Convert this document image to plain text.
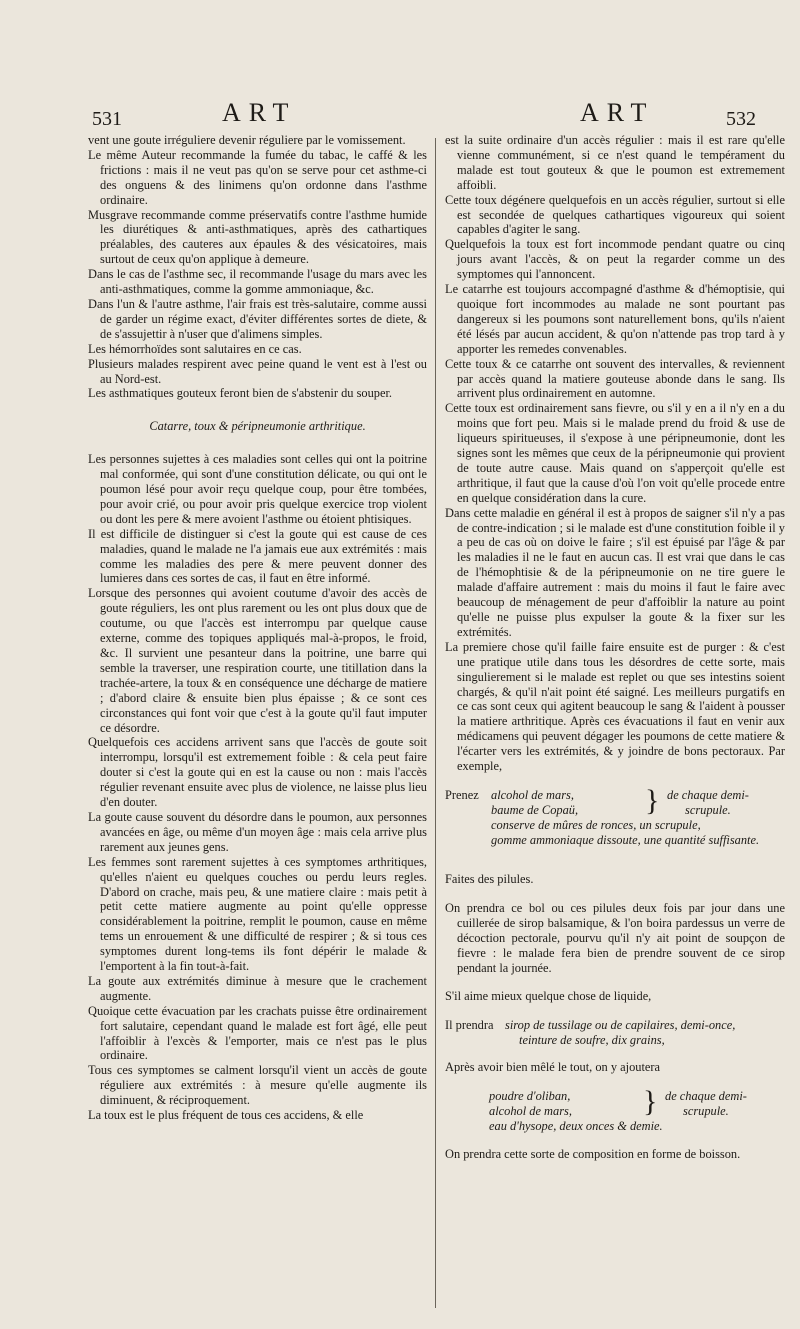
531	ART	ART	532

vent une goute irréguliere devenir réguliere par le vomissement.

Le même Auteur recommande la fumée du tabac, le caffé & les frictions : mais il ne veut pas qu'on se serve pour cet asthme-ci des onguens & des linimens qu'on ordonne dans l'asthme ordinaire.

Musgrave recommande comme préservatifs contre l'asthme humide les diurétiques & anti-asthmatiques, après des cathartiques préalables, des cauteres aux épaules & des vésicatoires, mais surtout de ceux qu'on applique à demeure.

Dans le cas de l'asthme sec, il recommande l'usage du mars avec les anti-asthmatiques, comme la gomme ammoniaque, &c.

Dans l'un & l'autre asthme, l'air frais est très-salutaire, comme aussi de garder un régime exact, d'éviter différentes sortes de diete, & de s'assujettir à n'user que d'alimens simples.

Les hémorrhoïdes sont salutaires en ce cas.

Plusieurs malades respirent avec peine quand le vent est à l'est ou au Nord-est.

Les asthmatiques gouteux feront bien de s'abstenir du souper.

Catarre, toux & péripneumonie arthritique.

Les personnes sujettes à ces maladies sont celles qui ont la poitrine mal conformée, qui sont d'une constitution délicate, ou qui ont le poumon lésé pour avoir reçu quelque coup, pour être tombées, pour avoir crié, ou pour avoir pris quelque exercice trop violent ou dont les pere & mere avoient l'asthme ou étoient phtisiques.

Il est difficile de distinguer si c'est la goute qui est cause de ces maladies, quand le malade ne l'a jamais eue aux extrémités : mais comme les maladies des pere & mere peuvent donner des lumieres dans ces sortes de cas, il faut en être informé.

Lorsque des personnes qui avoient coutume d'avoir des accès de goute réguliers, les ont plus rarement ou les ont plus doux que de coutume, ou que l'accès est interrompu par quelque cause externe, comme des topiques appliqués mal-à-propos, le froid, &c. Il survient une pesanteur dans la poitrine, une barre qui semble la traverser, une respiration courte, une titillation dans la trachée-artere, la toux & en conséquence une décharge de matiere ; d'abord claire & ensuite bien plus épaisse ; & ce sont ces circonstances qui font voir que c'est à la goute qu'il faut imputer ce désordre.

Quelquefois ces accidens arrivent sans que l'accès de goute soit interrompu, lorsqu'il est extremement foible : & cela peut faire douter si c'est la goute qui en est la cause ou non : mais l'accès régulier revenant ensuite avec plus de violence, ne laisse plus lieu d'en douter.

La goute cause souvent du désordre dans le poumon, aux personnes avancées en âge, ou même d'un moyen âge : mais cela arrive plus rarement aux jeunes gens.

Les femmes sont rarement sujettes à ces symptomes arthritiques, qu'elles n'aient eu quelques couches ou perdu leurs regles. D'abord on crache, mais peu, & une matiere claire : mais petit à petit cette matiere augmente au point qu'elle oppresse considérablement la poitrine, remplit le poumon, cause en même tems un enrouement & une difficulté de respirer ; & si tous ces symptomes durent long-tems ils font dépérir le malade & l'emportent à la fin tout-à-fait.

La goute aux extrémités diminue à mesure que le crachement augmente.

Quoique cette évacuation par les crachats puisse être ordinairement fort salutaire, cependant quand le malade est fort âgé, elle peut l'affoiblir à l'excès & l'emporter, mais ce n'est pas le plus ordinaire.

Tous ces symptomes se calment lorsqu'il vient un accès de goute réguliere aux extrémités : à mesure qu'elle augmente ils diminuent, & réciproquement.

La toux est le plus fréquent de tous ces accidens, & elle

est la suite ordinaire d'un accès régulier : mais il est rare qu'elle vienne communément, si ce n'est quand le tempérament du malade est tout gouteux & que le poumon est extremement affoibli.

Cette toux dégénere quelquefois en un accès régulier, surtout si elle est secondée de quelques cathartiques vigoureux qui soient capables d'agiter le sang.

Quelquefois la toux est fort incommode pendant quatre ou cinq jours avant l'accès, & on peut la regarder comme un des symptomes qui l'annoncent.

Le catarrhe est toujours accompagné d'asthme & d'hémoptisie, qui quoique fort incommodes au malade ne sont pourtant pas dangereux si les poumons sont naturellement bons, qu'ils n'aient été lésés par aucun accident, & qu'on n'attende pas trop tard à y apporter les remedes convenables.

Cette toux & ce catarrhe ont souvent des intervalles, & reviennent par accès quand la matiere gouteuse abonde dans le sang. Ils arrivent plus ordinairement en automne.

Cette toux est ordinairement sans fievre, ou s'il y en a il n'y en a du moins que fort peu. Mais si le malade prend du froid & use de liqueurs spiritueuses, il s'expose à une péripneumonie, dont les signes sont les mêmes que ceux de la péripneumonie qui provient de toute autre cause. Mais quand on s'apperçoit qu'elle est arthritique, il faut que la cause d'où l'on voit qu'elle procede entre en quelque considération dans la cure.

Dans cette maladie en général il est à propos de saigner s'il n'y a pas de contre-indication ; si le malade est d'une constitution foible il y a peu de cas où on doive le faire ; s'il est épuisé par l'âge & par les maladies il ne le faut en aucun cas. Il est vrai que dans le cas de l'hémophtisie & de la péripneumonie on ne tire guere le malade d'affaire autrement : mais du moins il faut le faire avec beaucoup de ménagement de peur d'affoiblir la nature au point qu'elle ne puisse plus expulser la goute & la fixer sur les extrémités.

La premiere chose qu'il faille faire ensuite est de purger : & c'est une pratique utile dans tous les désordres de cette sorte, mais singulierement si le malade est replet ou que ses intestins soient chargés, & qu'il n'ait point été saigné. Les meilleurs purgatifs en ce cas sont ceux qui agitent beaucoup le sang & l'aident à pousser la matiere arthritique. Après ces évacuations il faut en venir aux médicamens qui peuvent dégager les poumons de cette matiere & l'écarter vers les extrémités, & y joindre de bons pectoraux. Par exemple,

Prenez alcohol de mars,
baume de Copaü, } de chaque demi-
scrupule.
conserve de mûres de ronces, un scrupule,
gomme ammoniaque dissoute, une quantité suffisante.

Faites des pilules.

On prendra ce bol ou ces pilules deux fois par jour dans une cuillerée de sirop balsamique, & l'on boira pardessus un verre de décoction pectorale, pourvu qu'il n'y ait point de soupçon de fievre : le malade fera bien de prendre souvent de ce sirop pendant la journée.

S'il aime mieux quelque chose de liquide,

Il prendra sirop de tussilage ou de capilaires, demi-once,
teinture de soufre, dix grains,

Après avoir bien mêlé le tout, on y ajoutera

poudre d'oliban,
alcohol de mars, } de chaque demi-
scrupule.
eau d'hysope, deux onces & demie.

On prendra cette sorte de composition en forme de boisson.
